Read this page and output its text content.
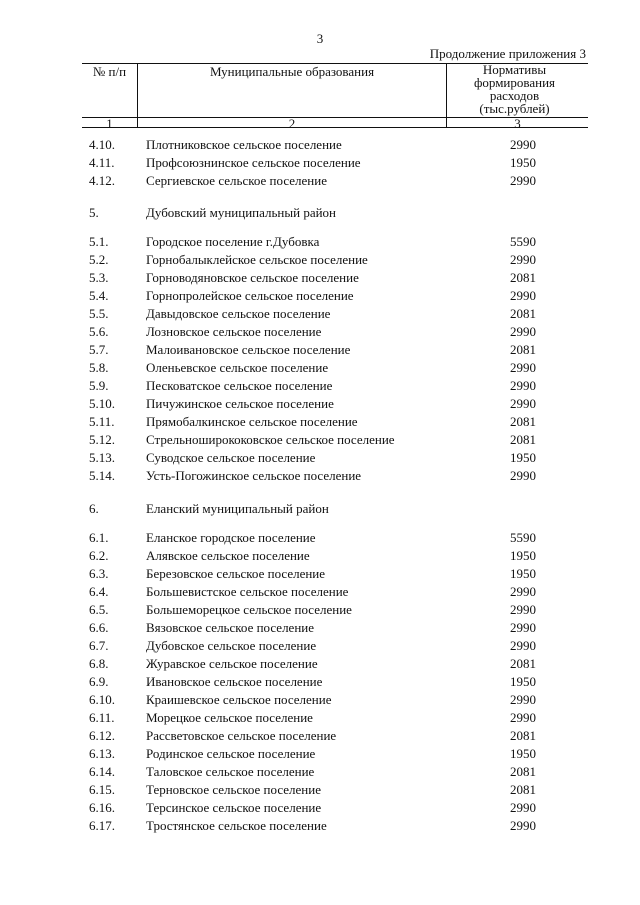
3
Продолжение приложения 3
№ п/п	Муниципальные образования	Нормативы формирования расходов (тыс.рублей)
1	2	3
4.10. Плотниковское сельское поселение	2990
4.11. Профсоюзнинское сельское поселение	1950
4.12. Сергиевское сельское поселение	2990
5.	Дубовский муниципальный район
5.1.	Городское поселение г.Дубовка	5590
5.2.	Горнобалыклейское сельское поселение	2990
5.3.	Горноводяновское сельское поселение	2081
5.4.	Горнопролейское сельское поселение	2990
5.5.	Давыдовское сельское поселение	2081
5.6.	Лозновское сельское поселение	2990
5.7.	Малоивановское сельское поселение	2081
5.8.	Оленьевское сельское поселение	2990
5.9.	Песковатское сельское поселение	2990
5.10. Пичужинское сельское поселение	2990
5.11. Прямобалкинское сельское поселение	2081
5.12. Стрельноширококовское сельское поселение	2081
5.13. Суводское сельское поселение	1950
5.14. Усть-Погожинское сельское поселение	2990
6.	Еланский муниципальный район
6.1.	Еланское городское поселение	5590
6.2.	Алявское сельское поселение	1950
6.3.	Березовское сельское поселение	1950
6.4.	Большевистское сельское поселение	2990
6.5.	Большеморецкое сельское поселение	2990
6.6.	Вязовское сельское поселение	2990
6.7.	Дубовское сельское поселение	2990
6.8.	Журавское сельское поселение	2081
6.9.	Ивановское сельское поселение	1950
6.10. Краишевское сельское поселение	2990
6.11. Морецкое сельское поселение	2990
6.12. Рассветовское сельское поселение	2081
6.13. Родинское сельское поселение	1950
6.14. Таловское сельское поселение	2081
6.15. Терновское сельское поселение	2081
6.16. Терсинское сельское поселение	2990
6.17. Тростянское сельское поселение	2990
